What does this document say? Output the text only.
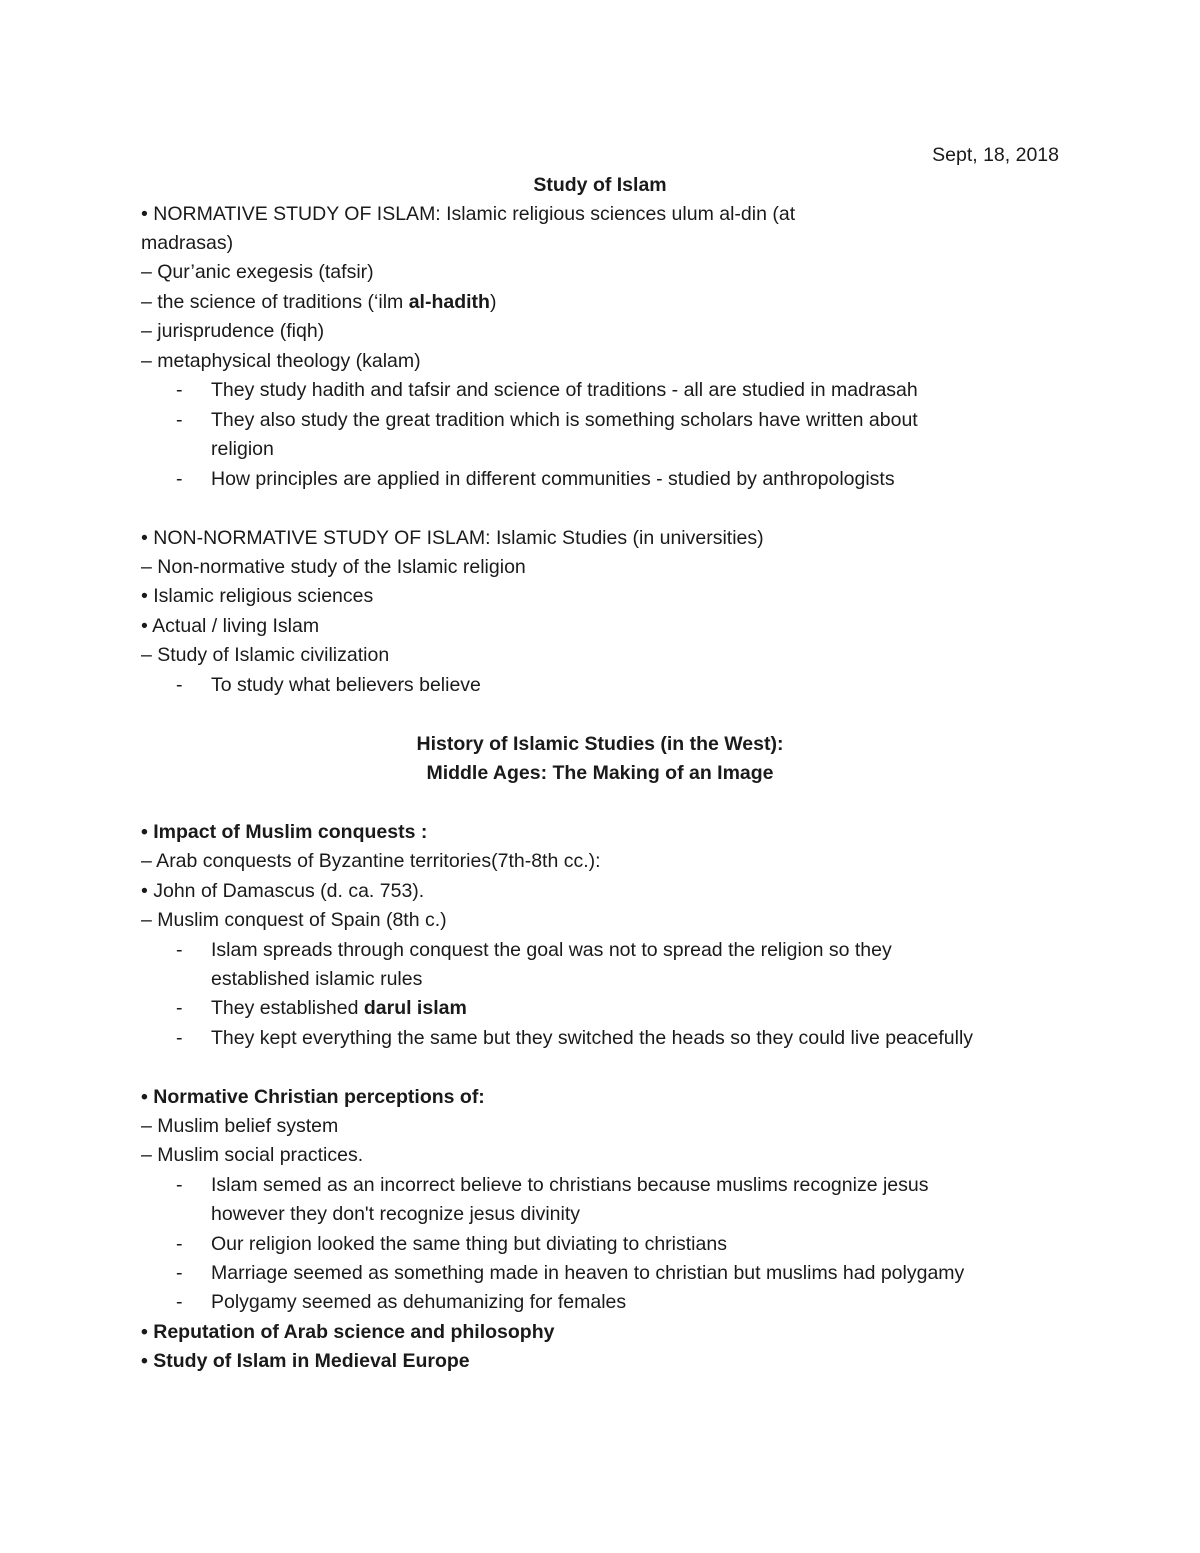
Sept, 18, 2018
Study of Islam
• NORMATIVE STUDY OF ISLAM: Islamic religious sciences ulum al-din (at
madrasas)
– Qur’anic exegesis (tafsir)
– the science of traditions (‘ilm al-hadith)
– jurisprudence (fiqh)
– metaphysical theology (kalam)
- They study hadith and tafsir and science of traditions - all are studied in madrasah
- They also study the great tradition which is something scholars have written about
religion
- How principles are applied in different communities - studied by anthropologists
• NON-NORMATIVE STUDY OF ISLAM: Islamic Studies (in universities)
– Non-normative study of the Islamic religion
• Islamic religious sciences
• Actual / living Islam
– Study of Islamic civilization
- To study what believers believe
History of Islamic Studies (in the West):
Middle Ages: The Making of an Image
• Impact of Muslim conquests :
– Arab conquests of Byzantine territories(7th-8th cc.):
• John of Damascus (d. ca. 753).
– Muslim conquest of Spain (8th c.)
- Islam spreads through conquest the goal was not to spread the religion so they
established islamic rules
- They established darul islam
- They kept everything the same but they switched the heads so they could live peacefully
• Normative Christian perceptions of:
– Muslim belief system
– Muslim social practices.
- Islam semed as an incorrect believe to christians because muslims recognize jesus
however they don't recognize jesus divinity
- Our religion looked the same thing but diviating to christians
- Marriage seemed as something made in heaven to christian but muslims had polygamy
- Polygamy seemed as dehumanizing for females
• Reputation of Arab science and philosophy
• Study of Islam in Medieval Europe
